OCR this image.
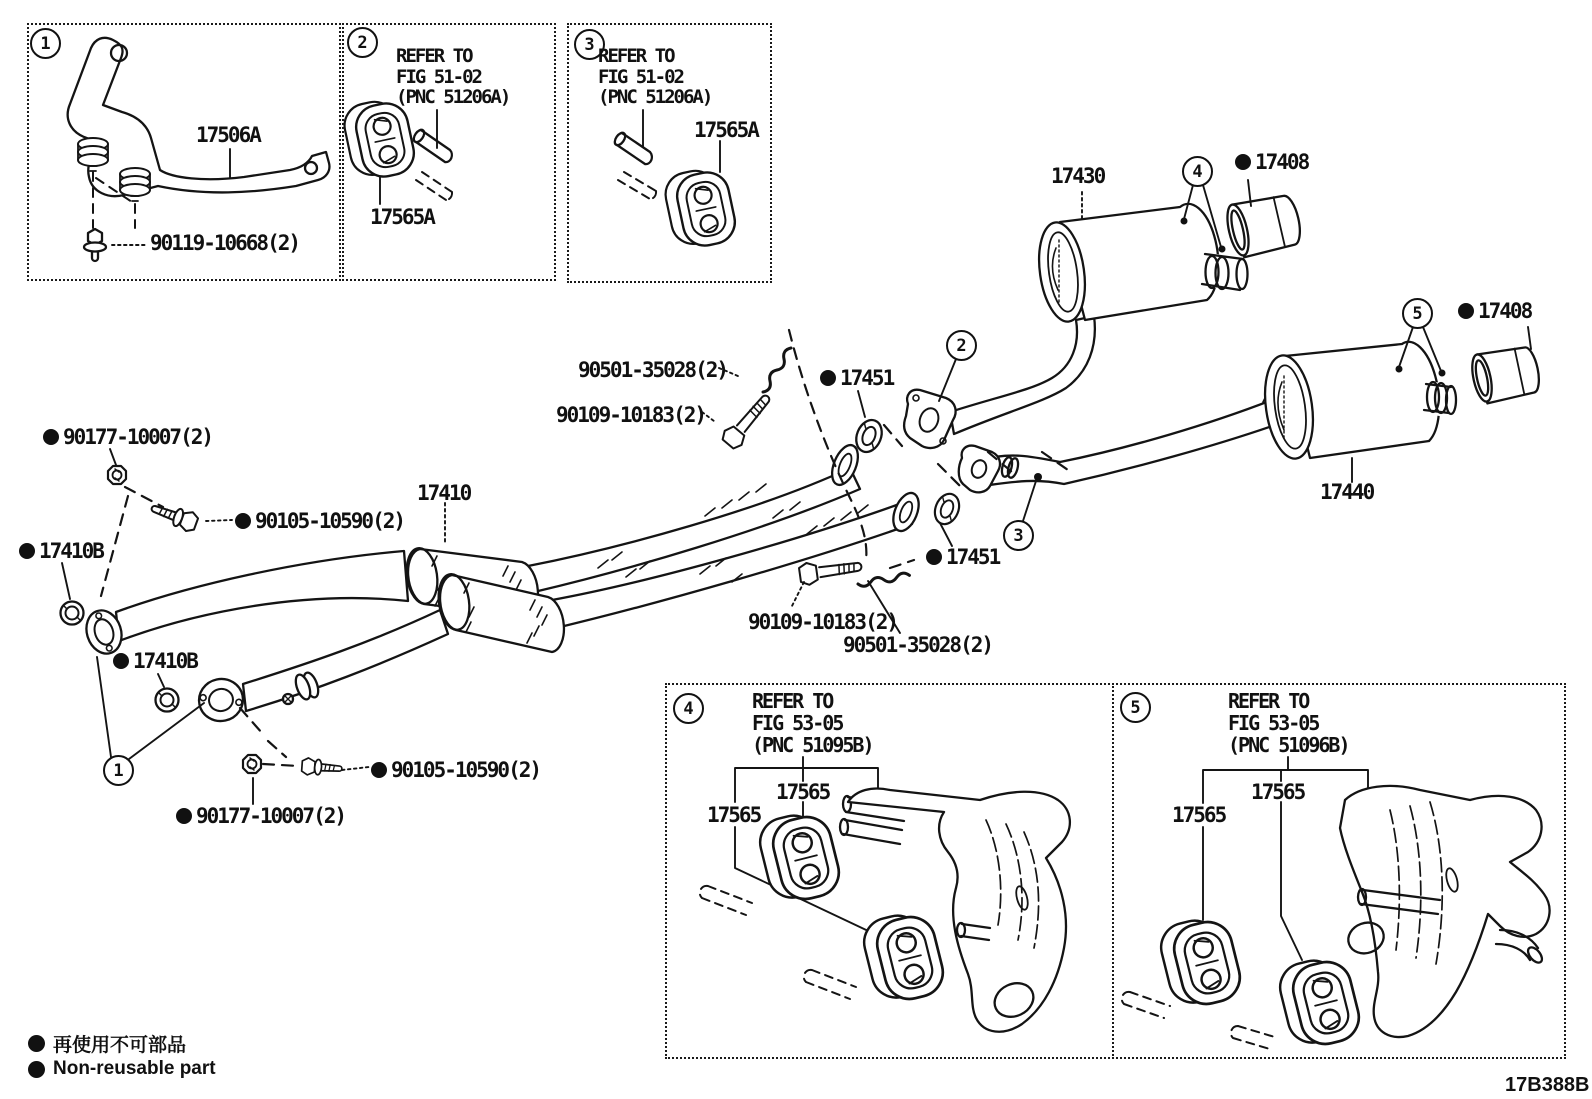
1	2	3
4	5
1
2
3
4
5
17506A
90119-10668(2)
REFER TO
FIG 51-02
(PNC 51206A)
17565A
REFER TO
FIG 51-02
(PNC 51206A)
17565A
REFER TO
FIG 53-05
(PNC 51095B)
17565
17565
REFER TO
FIG 53-05
(PNC 51096B)
17565
17565
17430
17408
17408
90501-35028(2)	17451
90109-10183(2)
17410
90177-10007(2)
90105-10590(2)
17410B
17410B
17440
17451
90109-10183(2)
90501-35028(2)
90105-10590(2)
90177-10007(2)
再使用不可部品
Non-reusable part
17B388B
